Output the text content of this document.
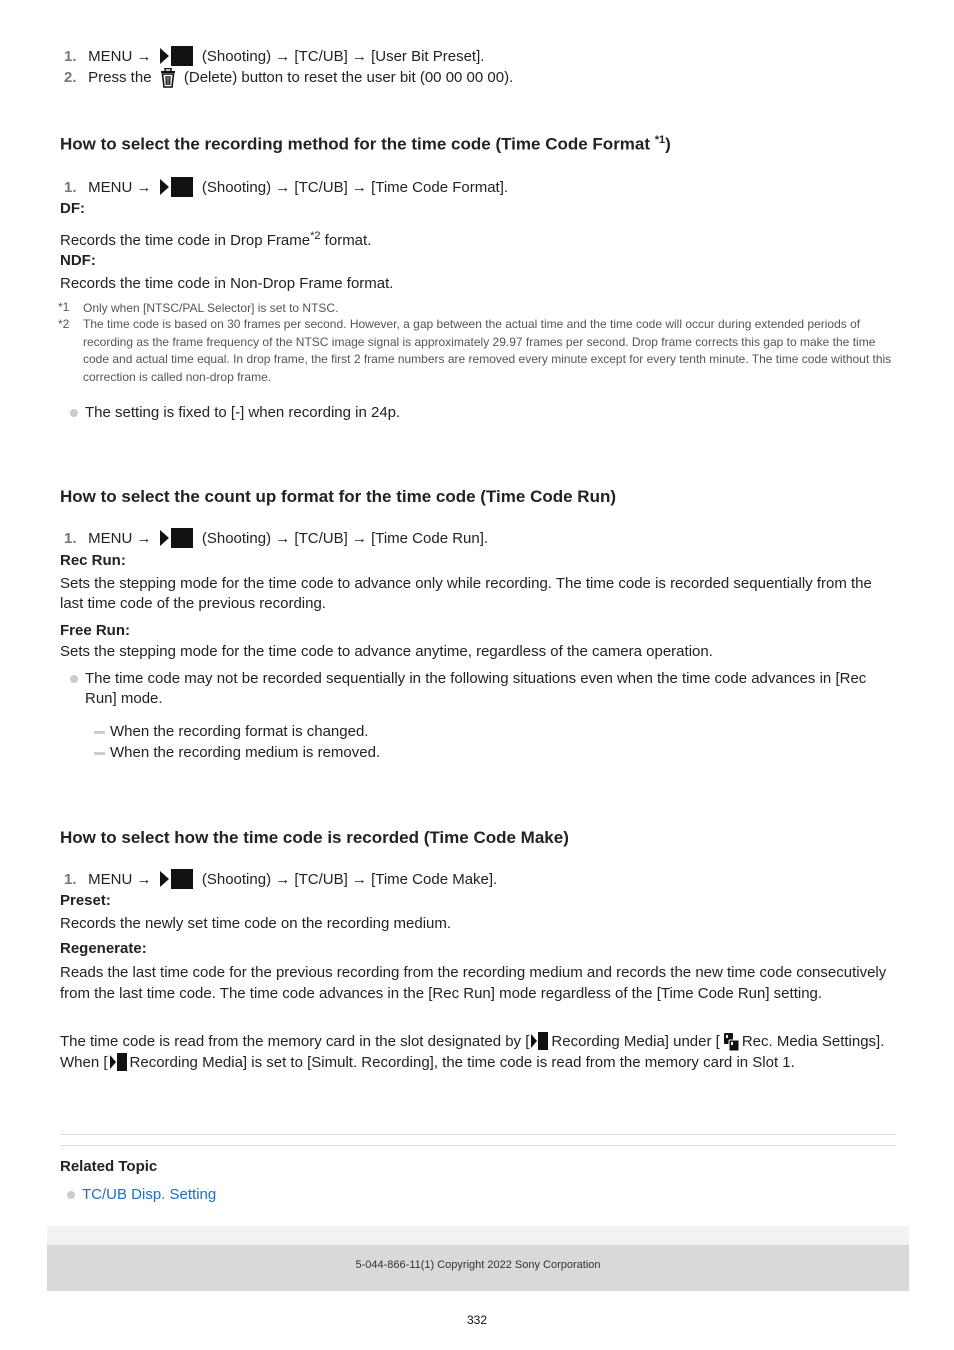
1. MENU →	(Shooting) → [TC/UB] → [User Bit Preset].
2. Press the (Delete) button to reset the user bit (00 00 00 00).
How to select the recording method for the time code (Time Code Format $^{*1}$)
1. MENU →	(Shooting) → [TC/UB] → [Time Code Format].
DF:
Records the time code in Drop Frame$^{*2}$ format.
NDF:
Records the time code in Non-Drop Frame format.
*1 Only when [NTSC/PAL Selector] is set to NTSC.
*2 The time code is based on 30 frames per second. However, a gap between the actual time and the time code will occur during extended periods of recording as the frame frequency of the NTSC image signal is approximately 29.97 frames per second. Drop frame corrects this gap to make the time code and actual time equal. In drop frame, the first 2 frame numbers are removed every minute except for every tenth minute. The time code without this correction is called non-drop frame.
The setting is fixed to [-] when recording in 24p.
How to select the count up format for the time code (Time Code Run)
1. MENU →	(Shooting) → [TC/UB] → [Time Code Run].
Rec Run:
Sets the stepping mode for the time code to advance only while recording. The time code is recorded sequentially from the last time code of the previous recording.
Free Run:
Sets the stepping mode for the time code to advance anytime, regardless of the camera operation.
The time code may not be recorded sequentially in the following situations even when the time code advances in [Rec Run] mode.
When the recording format is changed.
When the recording medium is removed.
How to select how the time code is recorded (Time Code Make)
1. MENU →	(Shooting) → [TC/UB] → [Time Code Make].
Preset:
Records the newly set time code on the recording medium.
Regenerate:
Reads the last time code for the previous recording from the recording medium and records the new time code consecutively from the last time code. The time code advances in the [Rec Run] mode regardless of the [Time Code Run] setting.
The time code is read from the memory card in the slot designated by [ Recording Media] under [ Rec. Media Settings]. When [ Recording Media] is set to [Simult. Recording], the time code is read from the memory card in Slot 1.
Related Topic
TC/UB Disp. Setting
5-044-866-11(1) Copyright 2022 Sony Corporation
332
